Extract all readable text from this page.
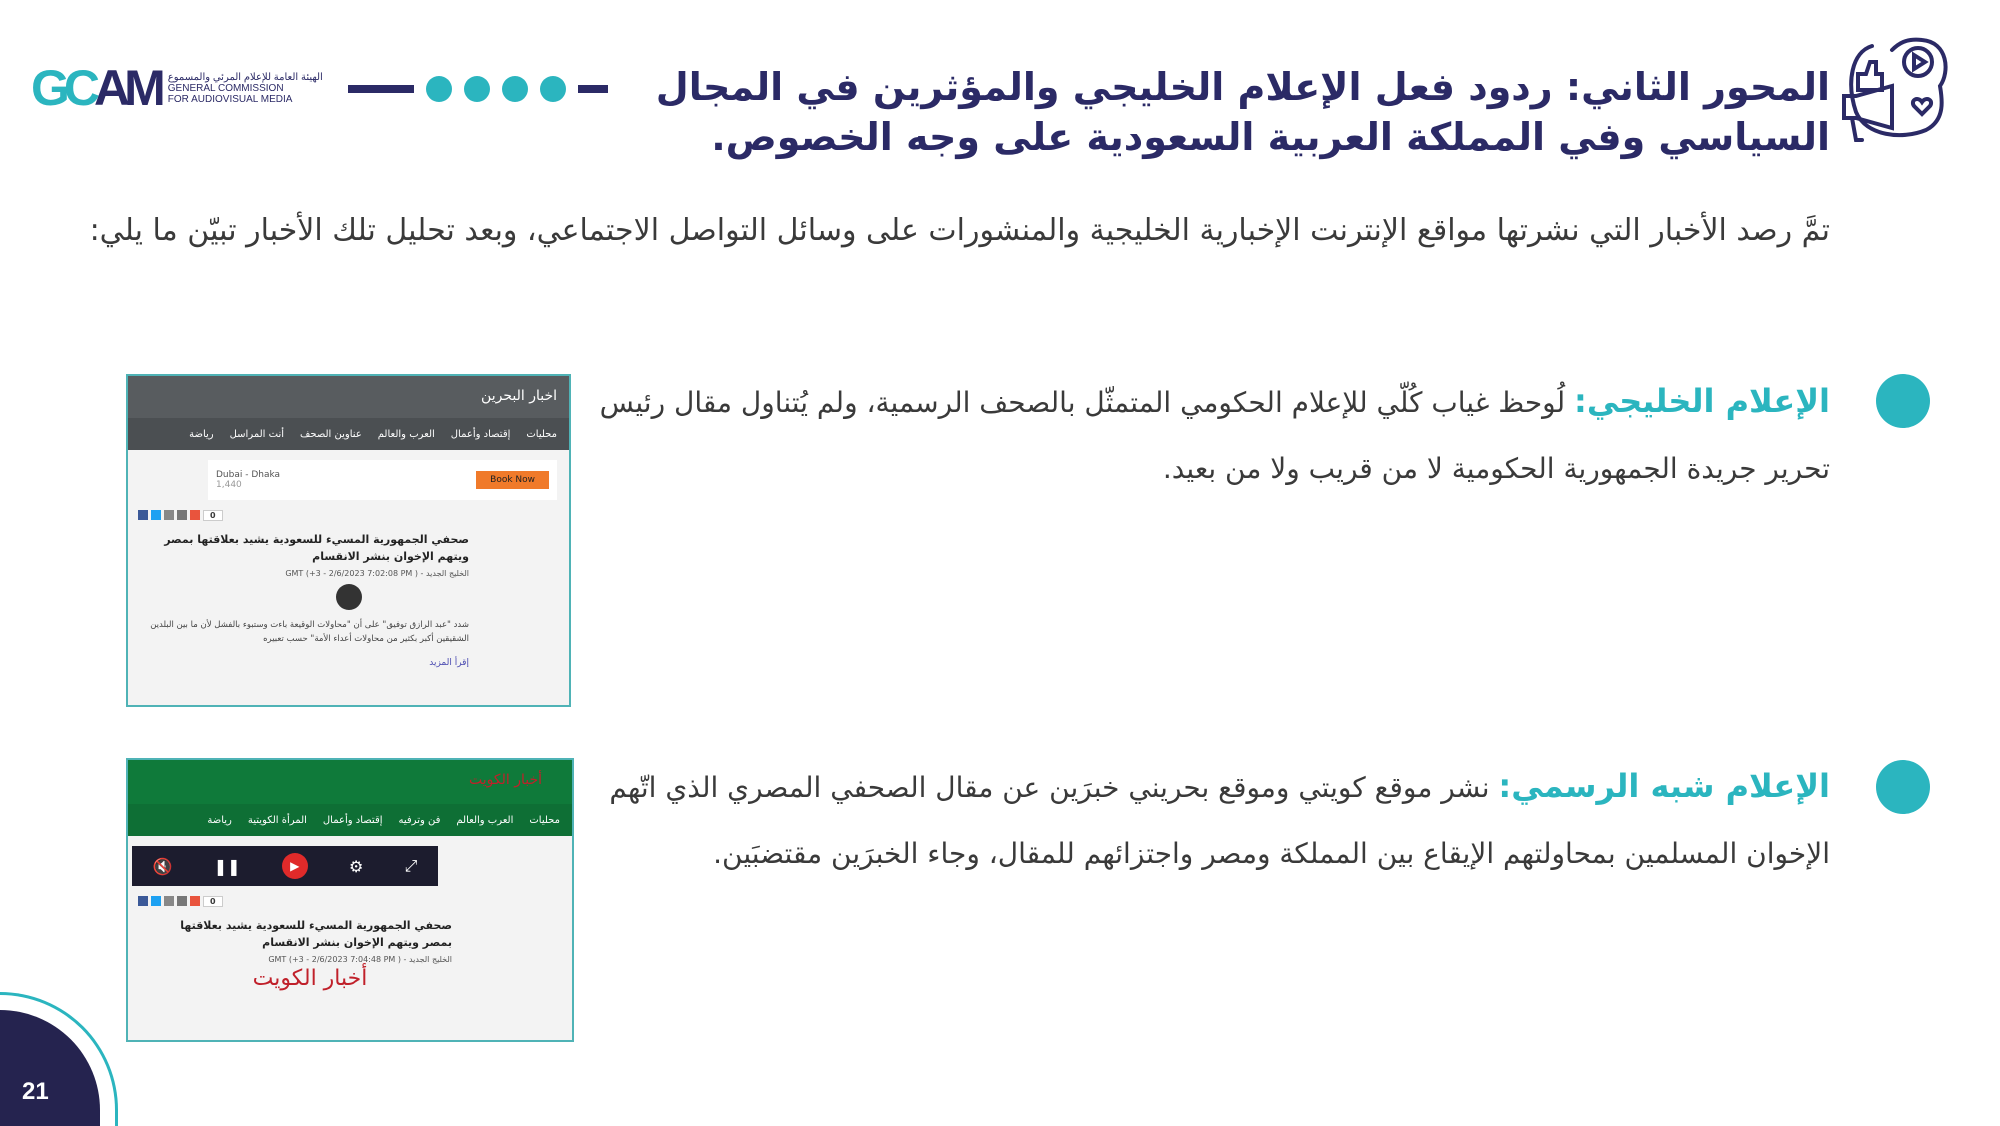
GCAM الهيئة العامة للإعلام المرئي والمسموع
GENERAL COMMISSION
FOR AUDIOVISUAL MEDIA	المحور الثاني: ردود فعل الإعلام الخليجي والمؤثرين في المجال السياسي وفي المملكة العربية السعودية على وجه الخصوص.
تمَّ رصد الأخبار التي نشرتها مواقع الإنترنت الإخبارية الخليجية والمنشورات على وسائل التواصل الاجتماعي، وبعد تحليل تلك الأخبار تبيّن ما يلي:
الإعلام الخليجي: لُوحظ غياب كُلّي للإعلام الحكومي المتمثّل بالصحف الرسمية، ولم يُتناول مقال رئيس تحرير جريدة الجمهورية الحكومية لا من قريب ولا من بعيد.
الإعلام شبه الرسمي: نشر موقع كويتي وموقع بحريني خبرَين عن مقال الصحفي المصري الذي اتّهم الإخوان المسلمين بمحاولتهم الإيقاع بين المملكة ومصر واجتزائهم للمقال، وجاء الخبرَين مقتضبَين.
اخبار البحرين
محليات
إقتصاد وأعمال
العرب والعالم
عناوين الصحف
أنت المراسل
رياضة
Dubai - Dhaka
1,440	Book Now
0
صحفي الجمهورية المسيء للسعودية يشيد بعلاقتها بمصر ويتهم الإخوان بنشر الانقسام
الخليج الجديد - ( GMT (+3 - 2/6/2023 7:02:08 PM
شدد "عبد الرازق توفيق" على أن "محاولات الوقيعة باءت وستبوء بالفشل لأن ما بين البلدين الشقيقين أكبر بكثير من محاولات أعداء الأمة" حسب تعبيره
إقرأ المزيد
أخبار الكويت
محليات
العرب والعالم
فن وترفيه
إقتصاد وأعمال
المرأة الكويتية
رياضة
🔇	❚❚	▶	⚙	⤢
0
صحفي الجمهورية المسيء للسعودية يشيد بعلاقتها بمصر ويتهم الإخوان بنشر الانقسام
الخليج الجديد - ( GMT (+3 - 2/6/2023 7:04:48 PM
أخبار الكويت
21
